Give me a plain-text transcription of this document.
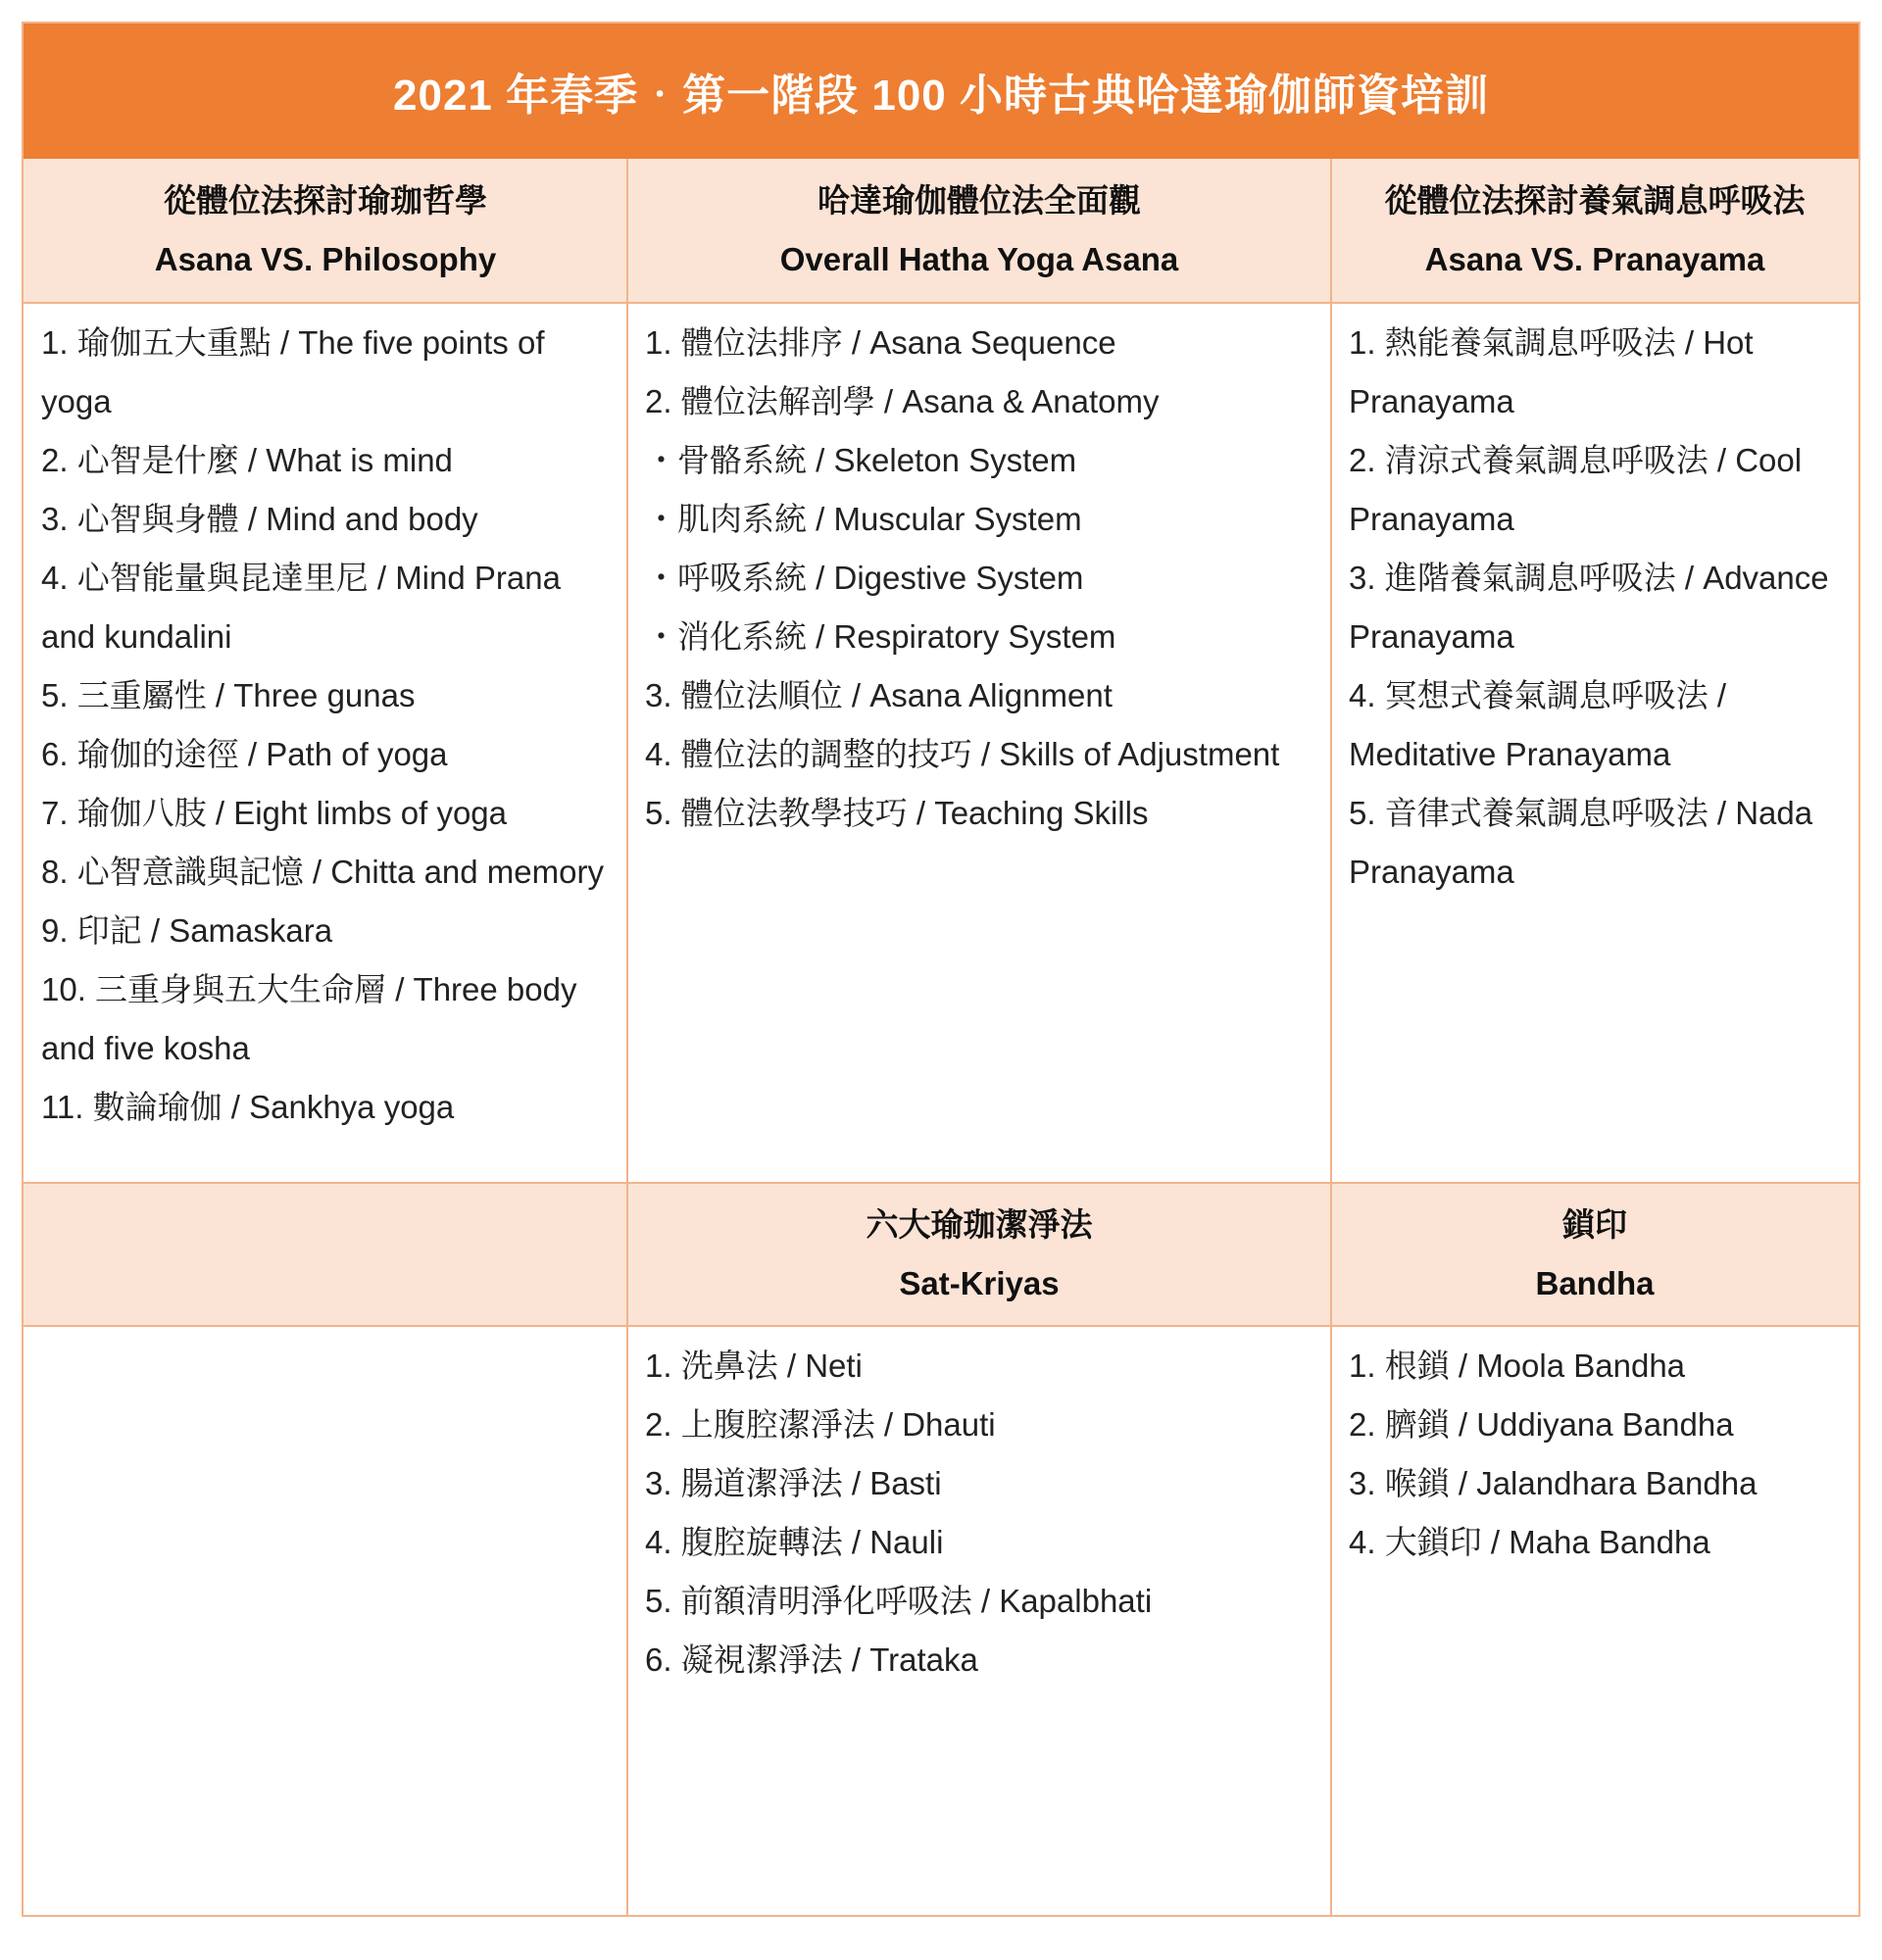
2021 年春季‧第一階段 100 小時古典哈達瑜伽師資培訓
從體位法探討瑜珈哲學
Asana VS. Philosophy
哈達瑜伽體位法全面觀
Overall Hatha Yoga Asana
從體位法探討養氣調息呼吸法
Asana VS. Pranayama
1. 瑜伽五大重點 / The five points of yoga
2. 心智是什麼 / What is mind
3. 心智與身體 / Mind and body
4. 心智能量與昆達里尼 / Mind Prana and kundalini
5. 三重屬性 / Three gunas
6. 瑜伽的途徑 / Path of yoga
7. 瑜伽八肢 / Eight limbs of yoga
8. 心智意識與記憶 / Chitta and memory
9. 印記 / Samaskara
10. 三重身與五大生命層 / Three body and five kosha
11. 數論瑜伽 / Sankhya yoga
1. 體位法排序 / Asana Sequence
2. 體位法解剖學 / Asana & Anatomy
・骨骼系統 / Skeleton System
・肌肉系統 / Muscular System
・呼吸系統 / Digestive System
・消化系統 / Respiratory System
3. 體位法順位 / Asana Alignment
4. 體位法的調整的技巧 / Skills of Adjustment
5. 體位法教學技巧 / Teaching Skills
1. 熱能養氣調息呼吸法 / Hot Pranayama
2. 清涼式養氣調息呼吸法 / Cool Pranayama
3. 進階養氣調息呼吸法 / Advance Pranayama
4. 冥想式養氣調息呼吸法 / Meditative Pranayama
5. 音律式養氣調息呼吸法 / Nada Pranayama
六大瑜珈潔淨法
Sat-Kriyas
鎖印
Bandha
1. 洗鼻法 / Neti
2. 上腹腔潔淨法 / Dhauti
3. 腸道潔淨法 / Basti
4. 腹腔旋轉法 / Nauli
5. 前額清明淨化呼吸法 / Kapalbhati
6. 凝視潔淨法 / Trataka
1. 根鎖 / Moola Bandha
2. 臍鎖 / Uddiyana Bandha
3. 喉鎖 / Jalandhara Bandha
4. 大鎖印 / Maha Bandha
